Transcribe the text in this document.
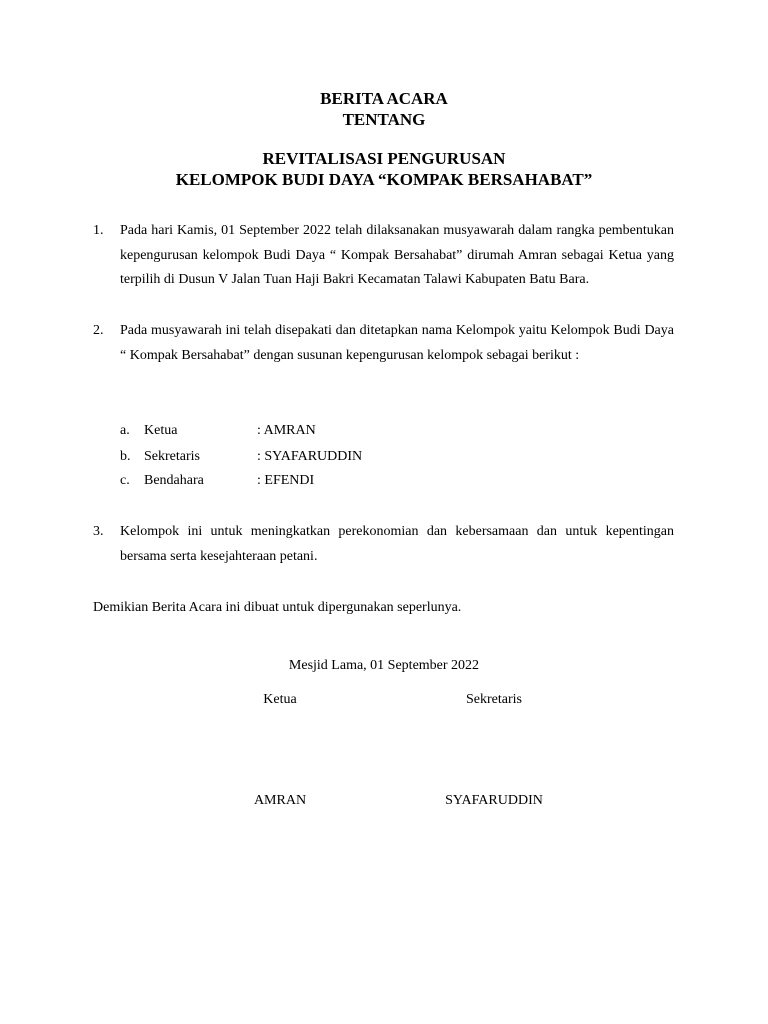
BERITA ACARA
TENTANG
REVITALISASI PENGURUSAN
KELOMPOK BUDI DAYA “KOMPAK BERSAHABAT”
1. Pada hari Kamis, 01 September 2022 telah dilaksanakan musyawarah dalam rangka pembentukan kepengurusan kelompok Budi Daya “ Kompak Bersahabat” dirumah Amran sebagai Ketua yang terpilih di Dusun V Jalan Tuan Haji Bakri Kecamatan Talawi Kabupaten Batu Bara.
2. Pada musyawarah ini telah disepakati dan ditetapkan nama Kelompok yaitu Kelompok Budi Daya “ Kompak Bersahabat” dengan susunan kepengurusan kelompok sebagai berikut :
a. Ketua	: AMRAN
b. Sekretaris	: SYAFARUDDIN
c. Bendahara	: EFENDI
3. Kelompok ini untuk meningkatkan perekonomian dan kebersamaan dan untuk kepentingan bersama serta kesejahteraan petani.
Demikian Berita Acara ini dibuat untuk dipergunakan seperlunya.
Mesjid Lama, 01 September 2022
Ketua	Sekretaris
AMRAN	SYAFARUDDIN
